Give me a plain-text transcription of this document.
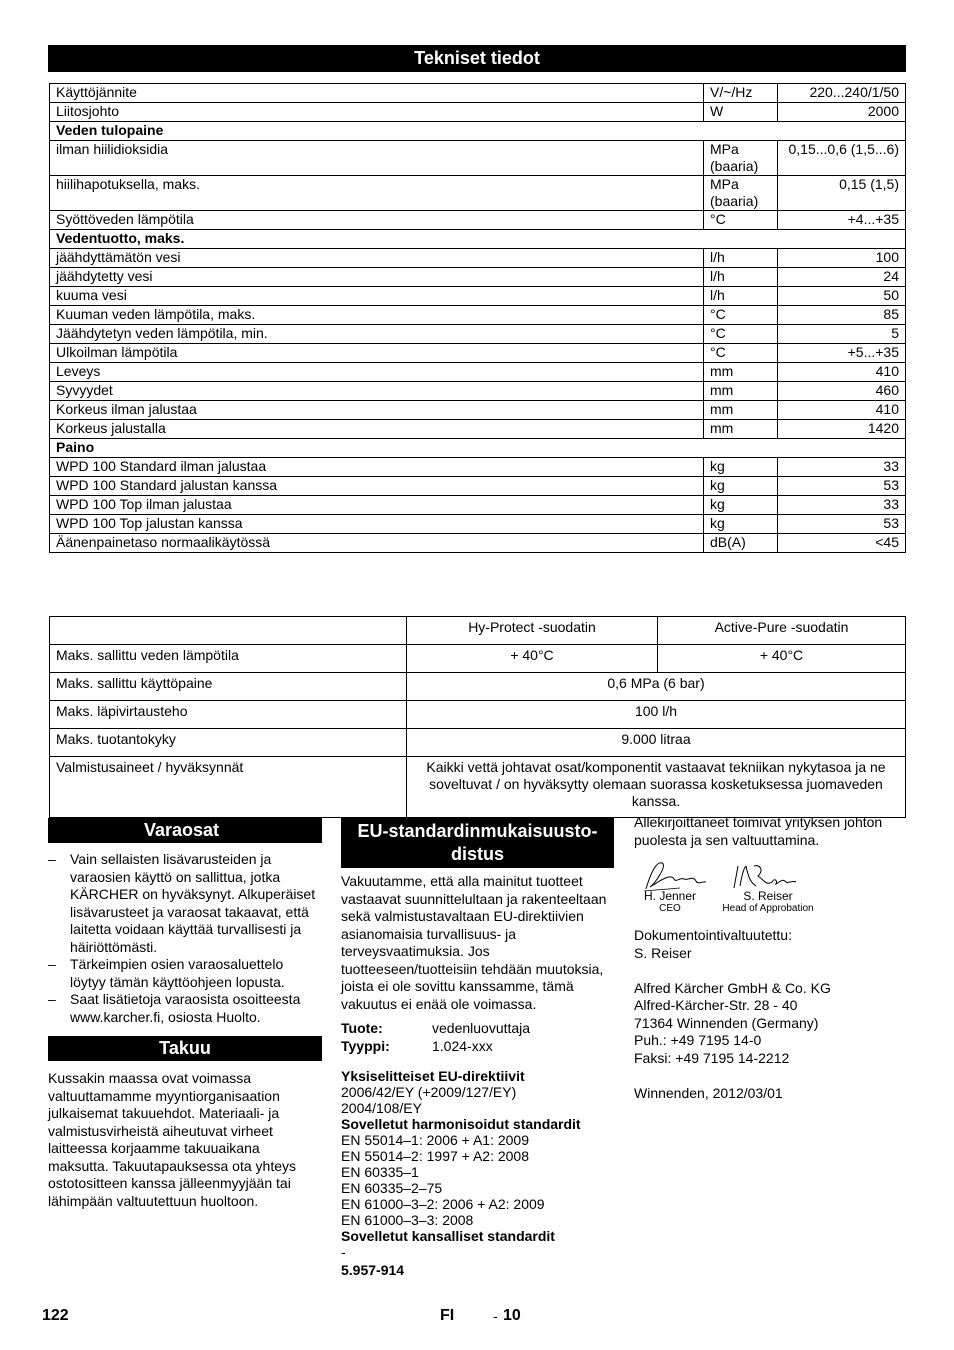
Tekniset tiedot
Käyttöjännite	V/~/Hz	220...240/1/50
Liitosjohto	W	2000
Veden tulopaine		
ilman hiilidioksidia	MPa (baaria)	0,15...0,6 (1,5...6)
hiilihapotuksella, maks.	MPa (baaria)	0,15 (1,5)
Syöttöveden lämpötila	°C	+4...+35
Vedentuotto, maks.		
jäähdyttämätön vesi	l/h	100
jäähdytetty vesi	l/h	24
kuuma vesi	l/h	50
Kuuman veden lämpötila, maks.	°C	85
Jäähdytetyn veden lämpötila, min.	°C	5
Ulkoilman lämpötila	°C	+5...+35
Leveys	mm	410
Syvyydet	mm	460
Korkeus ilman jalustaa	mm	410
Korkeus jalustalla	mm	1420
Paino		
WPD 100 Standard ilman jalustaa	kg	33
WPD 100 Standard jalustan kanssa	kg	53
WPD 100 Top ilman jalustaa	kg	33
WPD 100 Top jalustan kanssa	kg	53
Äänenpainetaso normaalikäytössä	dB(A)	<45
	Hy-Protect -suodatin	Active-Pure -suodatin
Maks. sallittu veden lämpötila	+ 40°C	+ 40°C
Maks. sallittu käyttöpaine	0,6 MPa (6 bar)	
Maks. läpivirtausteho	100 l/h	
Maks. tuotantokyky	9.000 litraa	
Valmistusaineet / hyväksynnät	Kaikki vettä johtavat osat/komponentit vastaavat tekniikan nykytasoa ja ne soveltuvat / on hyväksytty olemaan suorassa kosketuksessa juomaveden kanssa.	
Varaosat
– Vain sellaisten lisävarusteiden ja varaosien käyttö on sallittua, jotka KÄRCHER on hyväksynyt. Alkuperäiset lisävarusteet ja varaosat takaavat, että laitetta voidaan käyttää turvallisesti ja häiriöttömästi.
– Tärkeimpien osien varaosaluettelo löytyy tämän käyttöohjeen lopusta.
– Saat lisätietoja varaosista osoitteesta www.karcher.fi, osiosta Huolto.
Takuu
Kussakin maassa ovat voimassa valtuuttamamme myyntiorganisaation julkaisemat takuuehdot. Materiaali- ja valmistusvirheistä aiheutuvat virheet laitteessa korjaamme takuuaikana maksutta. Takuutapauksessa ota yhteys ostotositteen kanssa jälleenmyyjään tai lähimpään valtuutettuun huoltoon.
EU-standardinmukaisuustodistus
Vakuutamme, että alla mainitut tuotteet vastaavat suunnittelultaan ja rakenteeltaan sekä valmistustavaltaan EU-direktiivien asianomaisia turvallisuus- ja terveysvaatimuksia. Jos tuotteeseen/tuotteisiin tehdään muutoksia, joista ei ole sovittu kanssamme, tämä vakuutus ei enää ole voimassa.
Tuote:	vedenluovuttaja
Tyyppi:	1.024-xxx
Yksiselitteiset EU-direktiivit
2006/42/EY (+2009/127/EY)
2004/108/EY
Sovelletut harmonisoidut standardit
EN 55014–1: 2006 + A1: 2009
EN 55014–2: 1997 + A2: 2008
EN 60335–1
EN 60335–2–75
EN 61000–3–2: 2006 + A2: 2009
EN 61000–3–3: 2008
Sovelletut kansalliset standardit
-
5.957-914
Allekirjoittaneet toimivat yrityksen johton puolesta ja sen valtuuttamina.
H. Jenner
CEO
S. Reiser
Head of Approbation
Dokumentointivaltuutettu:
S. Reiser
Alfred Kärcher GmbH & Co. KG
Alfred-Kärcher-Str. 28 - 40
71364 Winnenden (Germany)
Puh.: +49 7195 14-0
Faksi: +49 7195 14-2212
Winnenden, 2012/03/01
122	FI	- 10
